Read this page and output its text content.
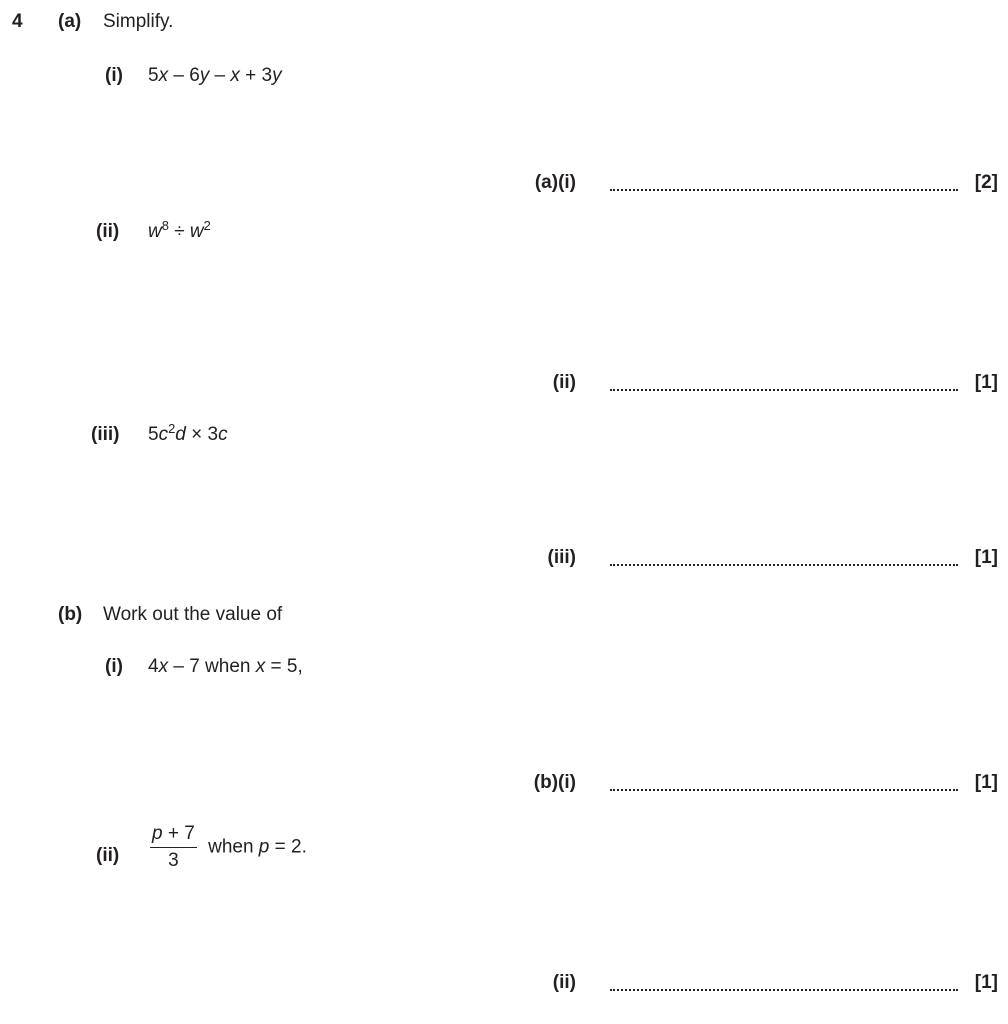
4 (a) Simplify.
(i) 5x – 6y – x + 3y
(a)(i)	[2]
(ii) $w^8 \div w^2$
(ii)	[1]
(iii) $5c^2d \times 3c$
(iii)	[1]
(b) Work out the value of
(i) 4x – 7 when x = 5,
(b)(i)	[1]
$(ii) \frac{p + 7}{3}$ when p = 2.
(ii)	[1]
